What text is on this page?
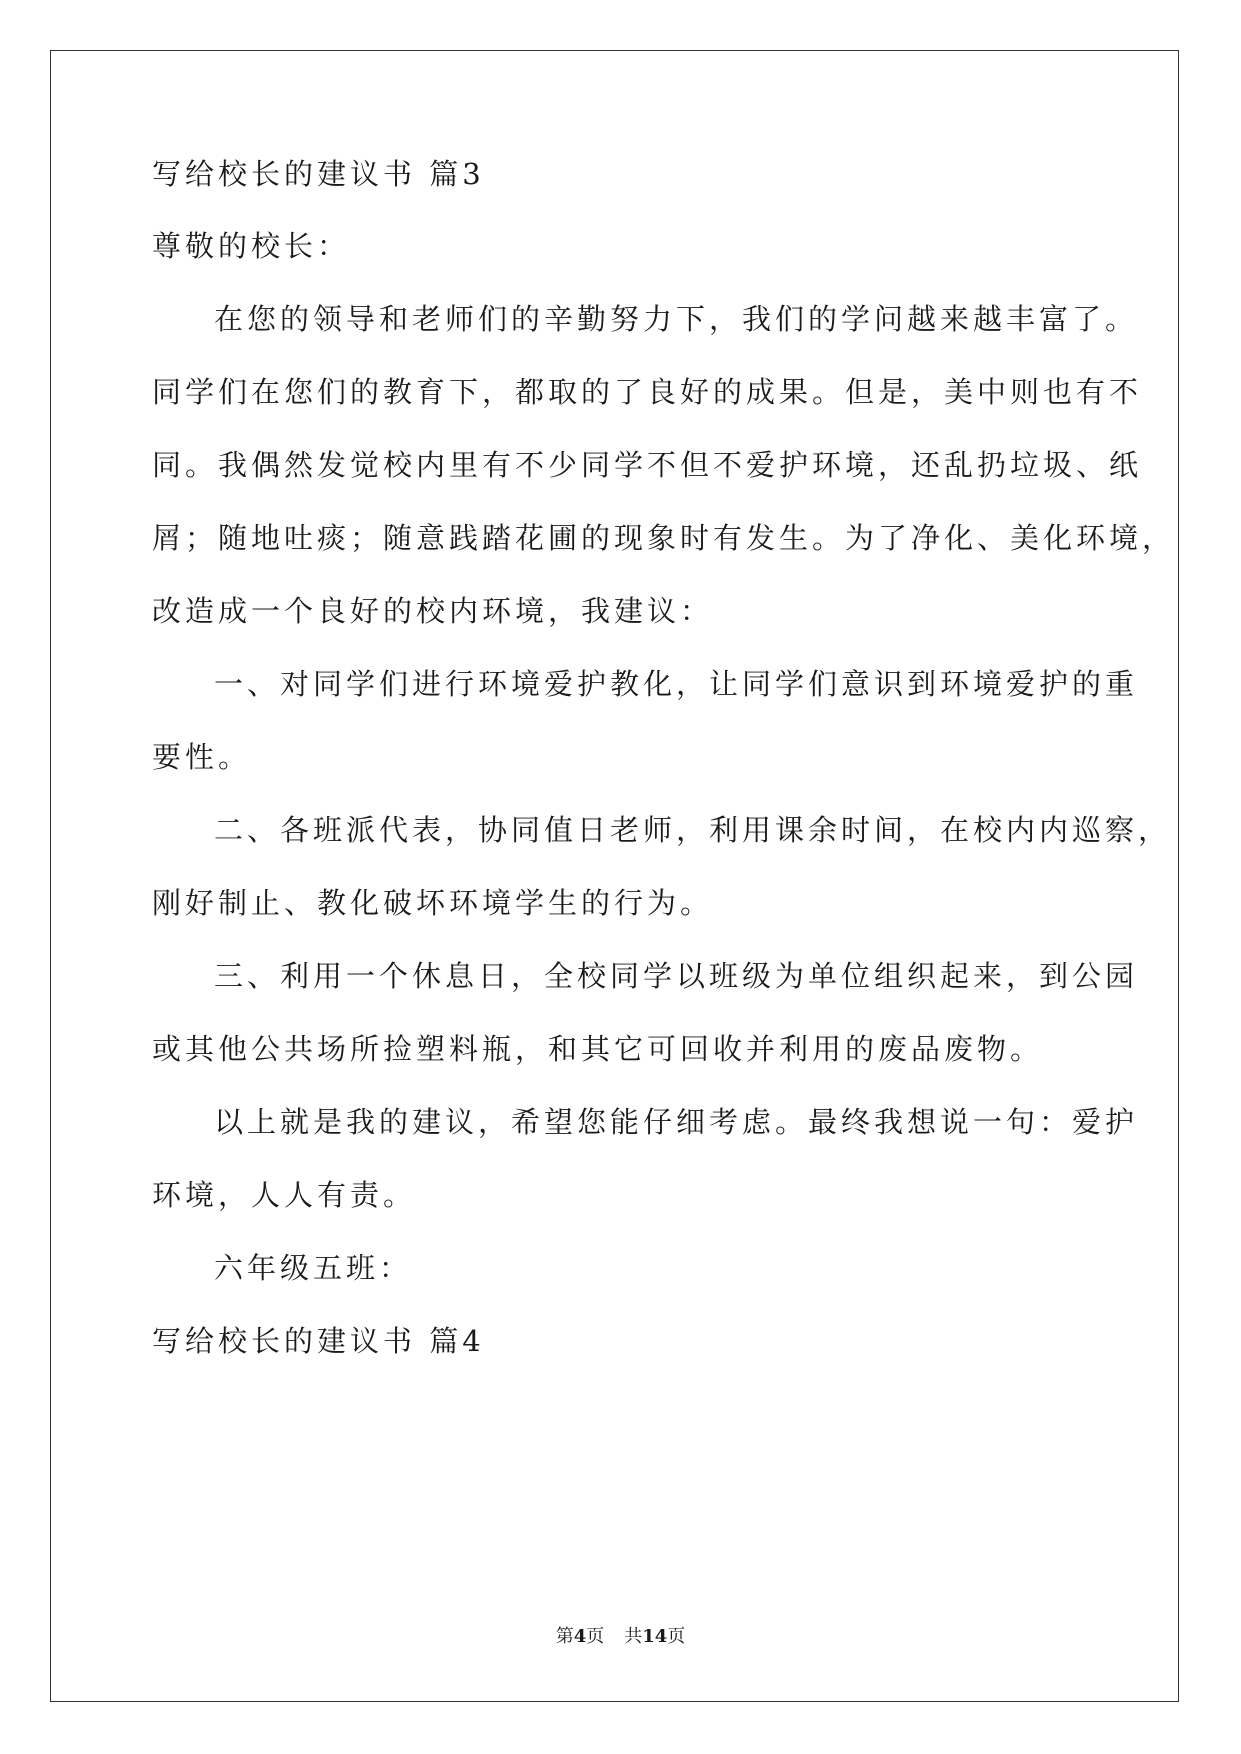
写给校长的建议书 篇3
尊敬的校长：
在您的领导和老师们的辛勤努力下，我们的学问越来越丰富了。
同学们在您们的教育下，都取的了良好的成果。但是，美中则也有不
同。我偶然发觉校内里有不少同学不但不爱护环境，还乱扔垃圾、纸
屑；随地吐痰；随意践踏花圃的现象时有发生。为了净化、美化环境，
改造成一个良好的校内环境，我建议：
一、对同学们进行环境爱护教化，让同学们意识到环境爱护的重
要性。
二、各班派代表，协同值日老师，利用课余时间，在校内内巡察，
刚好制止、教化破坏环境学生的行为。
三、利用一个休息日，全校同学以班级为单位组织起来，到公园
或其他公共场所捡塑料瓶，和其它可回收并利用的废品废物。
以上就是我的建议，希望您能仔细考虑。最终我想说一句：爱护
环境，人人有责。
六年级五班：
写给校长的建议书 篇4
第4页 共14页
